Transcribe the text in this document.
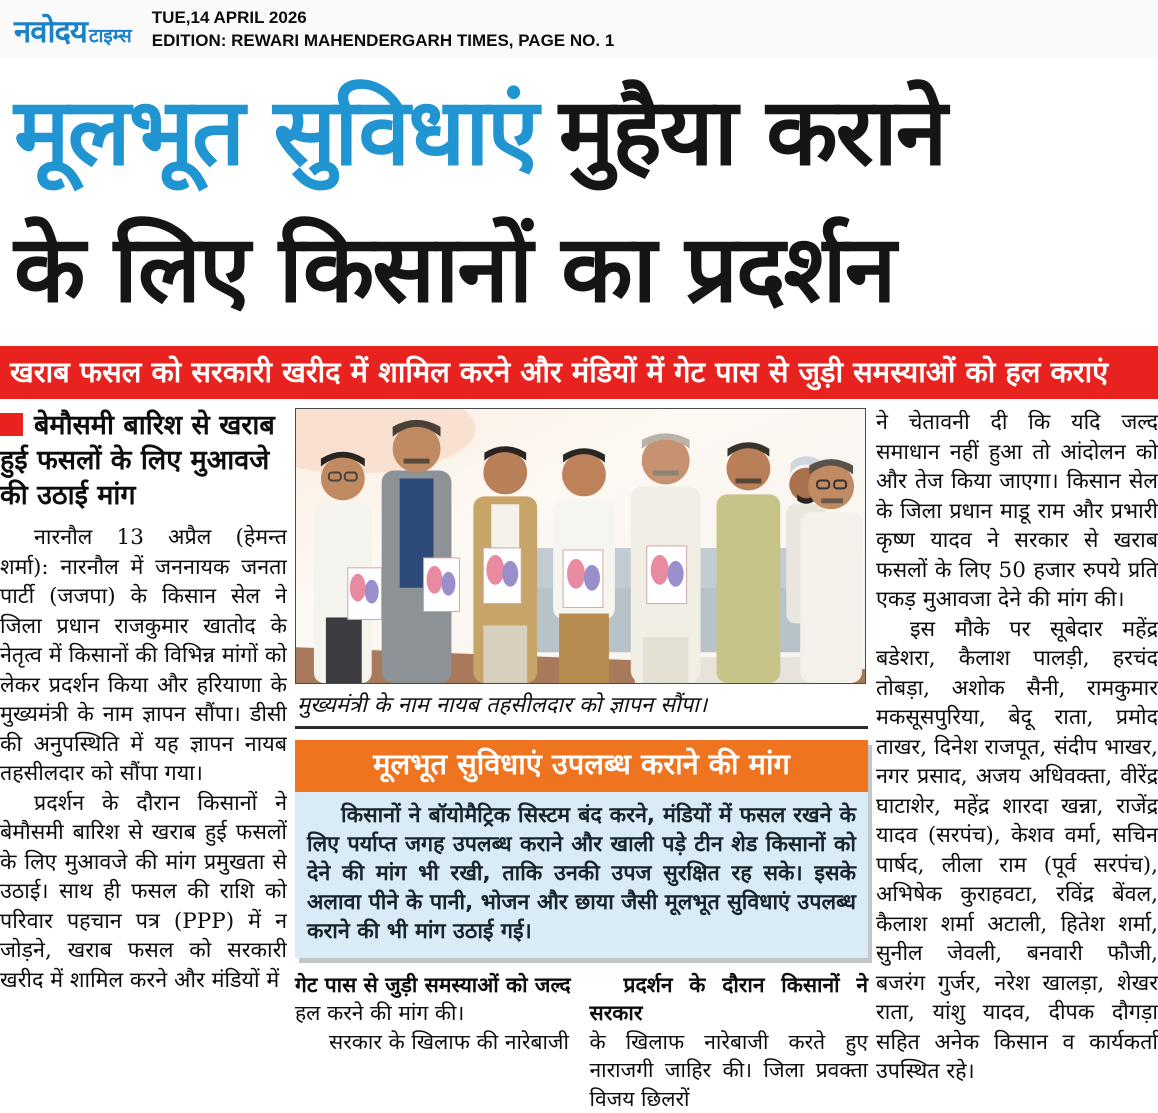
नवोदय टाइम्स
TUE,14 APRIL 2026
EDITION: REWARI MAHENDERGARH TIMES, PAGE NO. 1
मूलभूत सुविधाएं मुहैया कराने
के लिए किसानों का प्रदर्शन
खराब फसल को सरकारी खरीद में शामिल करने और मंडियों में गेट पास से जुड़ी समस्याओं को हल कराएं
बेमौसमी बारिश से खराब हुई फसलों के लिए मुआवजे की उठाई मांग

नारनौल 13 अप्रैल (हेमन्त शर्मा): नारनौल में जननायक जनता पार्टी (जजपा) के किसान सेल ने जिला प्रधान राजकुमार खातोद के नेतृत्व में किसानों की विभिन्न मांगों को लेकर प्रदर्शन किया और हरियाणा के मुख्यमंत्री के नाम ज्ञापन सौंपा। डीसी की अनुपस्थिति में यह ज्ञापन नायब तहसीलदार को सौंपा गया।

प्रदर्शन के दौरान किसानों ने बेमौसमी बारिश से खराब हुई फसलों के लिए मुआवजे की मांग प्रमुखता से उठाई। साथ ही फसल की राशि को परिवार पहचान पत्र (PPP) में न जोड़ने, खराब फसल को सरकारी खरीद में शामिल करने और मंडियों में

मुख्यमंत्री के नाम नायब तहसीलदार को ज्ञापन सौंपा।
मूलभूत सुविधाएं उपलब्ध कराने की मांग
किसानों ने बॉयोमैट्रिक सिस्टम बंद करने, मंडियों में फसल रखने के लिए पर्याप्त जगह उपलब्ध कराने और खाली पड़े टीन शेड किसानों को देने की मांग भी रखी, ताकि उनकी उपज सुरक्षित रह सके। इसके अलावा पीने के पानी, भोजन और छाया जैसी मूलभूत सुविधाएं उपलब्ध कराने की भी मांग उठाई गई।

गेट पास से जुड़ी समस्याओं को जल्द

हल करने की मांग की।

सरकार के खिलाफ की नारेबाजी

प्रदर्शन के दौरान किसानों ने सरकार

के खिलाफ नारेबाजी करते हुए नाराजगी जाहिर की। जिला प्रवक्ता विजय छिलरों

ने चेतावनी दी कि यदि जल्द समाधान नहीं हुआ तो आंदोलन को और तेज किया जाएगा। किसान सेल के जिला प्रधान माडू राम और प्रभारी कृष्ण यादव ने सरकार से खराब फसलों के लिए 50 हजार रुपये प्रति एकड़ मुआवजा देने की मांग की।

इस मौके पर सूबेदार महेंद्र बडेशरा, कैलाश पालड़ी, हरचंद तोबड़ा, अशोक सैनी, रामकुमार मकसूसपुरिया, बेदू राता, प्रमोद ताखर, दिनेश राजपूत, संदीप भाखर, नगर प्रसाद, अजय अधिवक्ता, वीरेंद्र घाटाशेर, महेंद्र शारदा खन्ना, राजेंद्र यादव (सरपंच), केशव वर्मा, सचिन पार्षद, लीला राम (पूर्व सरपंच), अभिषेक कुराहवटा, रविंद्र बेंवल, कैलाश शर्मा अटाली, हितेश शर्मा, सुनील जेवली, बनवारी फौजी, बजरंग गुर्जर, नरेश खालड़ा, शेखर राता, यांशु यादव, दीपक दौगड़ा सहित अनेक किसान व कार्यकर्ता उपस्थित रहे।
